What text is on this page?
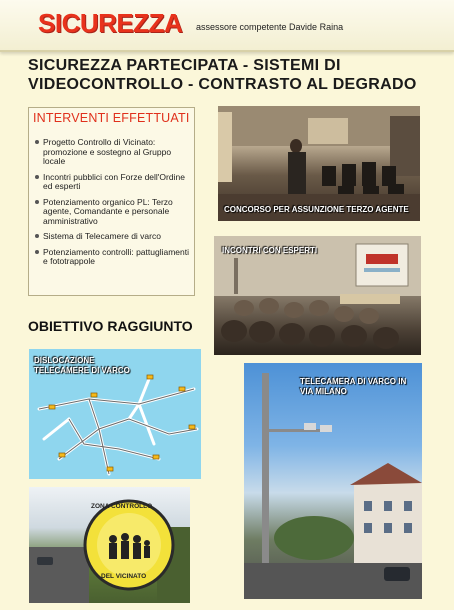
SICUREZZA assessore competente Davide Raina
SICUREZZA PARTECIPATA - SISTEMI DI
VIDEOCONTROLLO - CONTRASTO AL DEGRADO
INTERVENTI EFFETTUATI
Progetto Controllo di Vicinato: promozione e sostegno al Gruppo locale
Incontri pubblici con Forze dell'Ordine ed esperti
Potenziamento organico PL: Terzo agente, Comandante e personale amministrativo
Sistema di Telecamere di varco
Potenziamento controlli: pattugliamenti e fototrappole
OBIETTIVO RAGGIUNTO
CONCORSO PER ASSUNZIONE TERZO AGENTE
INCONTRI CON ESPERTI
DISLOCAZIONE
TELECAMERE DI VARCO
TELECAMERA DI VARCO IN
VIA MILANO
ZONA CONTROLLO
DEL VICINATO
